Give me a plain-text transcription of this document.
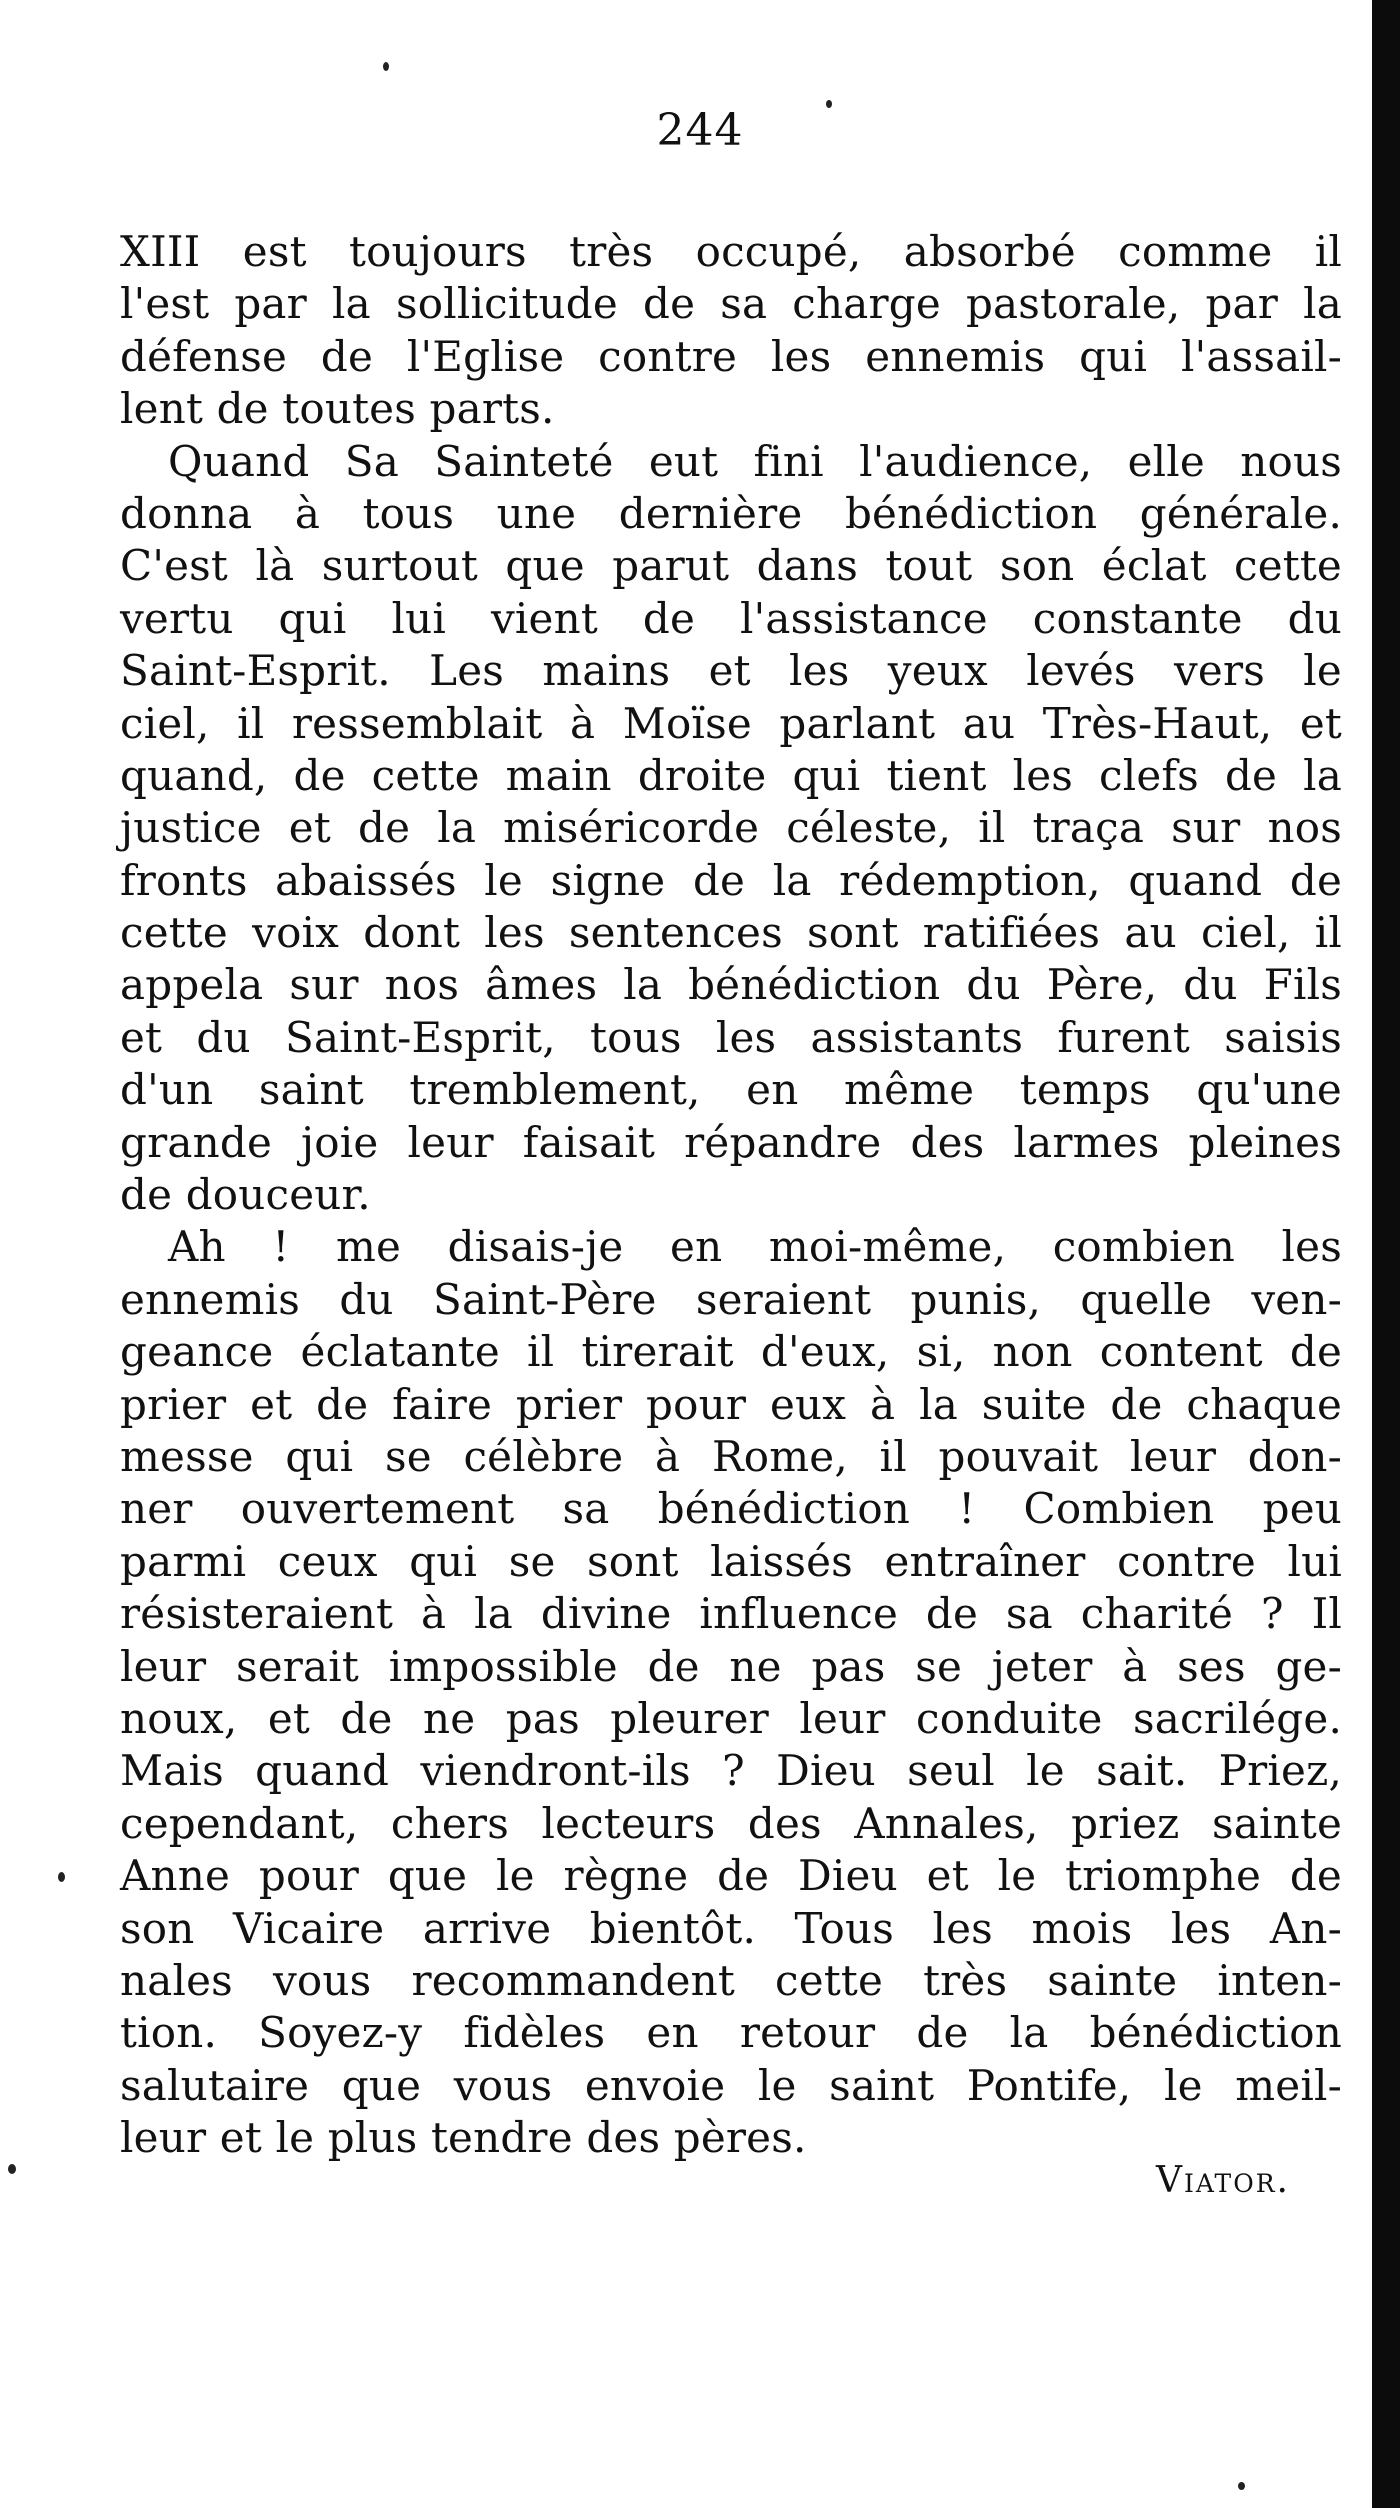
244
XIII est toujours très occupé, absorbé comme il
l'est par la sollicitude de sa charge pastorale, par la
défense de l'Eglise contre les ennemis qui l'assail-
lent de toutes parts.
Quand Sa Sainteté eut fini l'audience, elle nous
donna à tous une dernière bénédiction générale.
C'est là surtout que parut dans tout son éclat cette
vertu qui lui vient de l'assistance constante du
Saint-Esprit. Les mains et les yeux levés vers le
ciel, il ressemblait à Moïse parlant au Très-Haut, et
quand, de cette main droite qui tient les clefs de la
justice et de la miséricorde céleste, il traça sur nos
fronts abaissés le signe de la rédemption, quand de
cette voix dont les sentences sont ratifiées au ciel, il
appela sur nos âmes la bénédiction du Père, du Fils
et du Saint-Esprit, tous les assistants furent saisis
d'un saint tremblement, en même temps qu'une
grande joie leur faisait répandre des larmes pleines
de douceur.
Ah ! me disais-je en moi-même, combien les
ennemis du Saint-Père seraient punis, quelle ven-
geance éclatante il tirerait d'eux, si, non content de
prier et de faire prier pour eux à la suite de chaque
messe qui se célèbre à Rome, il pouvait leur don-
ner ouvertement sa bénédiction ! Combien peu
parmi ceux qui se sont laissés entraîner contre lui
résisteraient à la divine influence de sa charité ? Il
leur serait impossible de ne pas se jeter à ses ge-
noux, et de ne pas pleurer leur conduite sacrilége.
Mais quand viendront-ils ? Dieu seul le sait. Priez,
cependant, chers lecteurs des Annales, priez sainte
Anne pour que le règne de Dieu et le triomphe de
son Vicaire arrive bientôt. Tous les mois les An-
nales vous recommandent cette très sainte inten-
tion. Soyez-y fidèles en retour de la bénédiction
salutaire que vous envoie le saint Pontife, le meil-
leur et le plus tendre des pères.
Viator.
